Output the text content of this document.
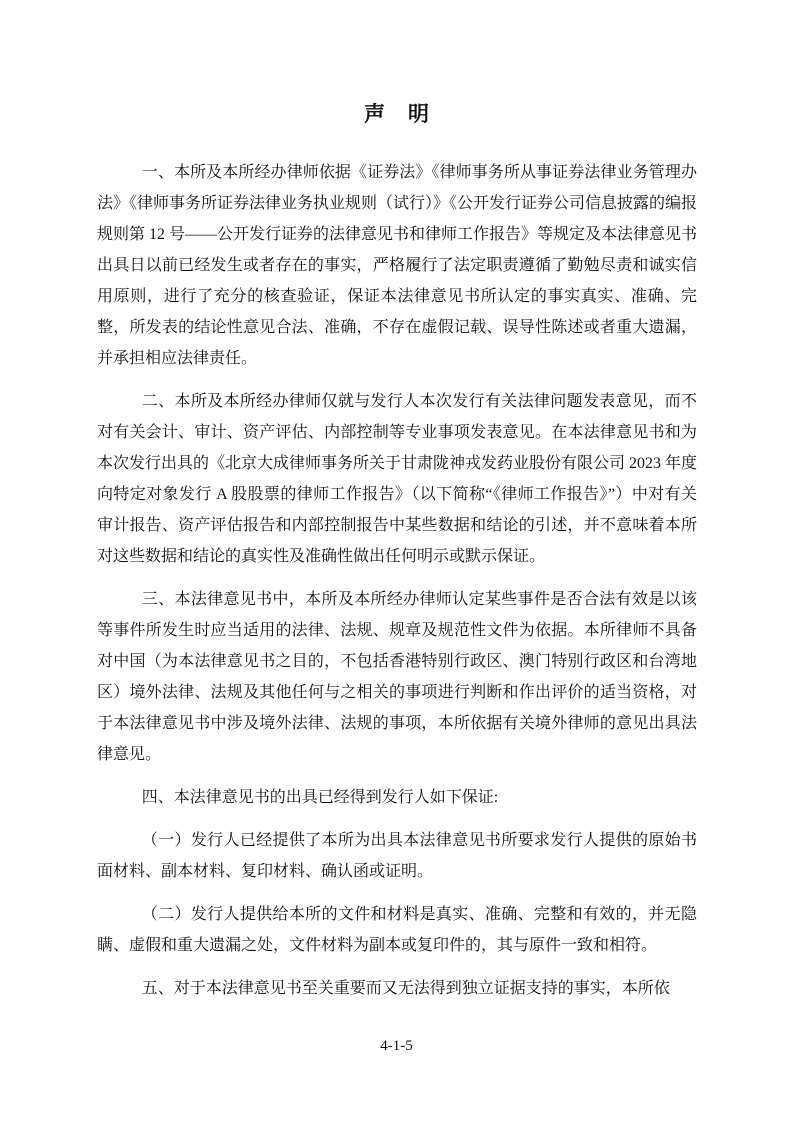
声　明

一、本所及本所经办律师依据《证券法》《律师事务所从事证券法律业务管理办法》《律师事务所证券法律业务执业规则（试行）》《公开发行证券公司信息披露的编报规则第 12 号——公开发行证券的法律意见书和律师工作报告》等规定及本法律意见书出具日以前已经发生或者存在的事实，严格履行了法定职责遵循了勤勉尽责和诚实信用原则，进行了充分的核查验证，保证本法律意见书所认定的事实真实、准确、完整，所发表的结论性意见合法、准确，不存在虚假记载、误导性陈述或者重大遗漏，并承担相应法律责任。

二、本所及本所经办律师仅就与发行人本次发行有关法律问题发表意见，而不对有关会计、审计、资产评估、内部控制等专业事项发表意见。在本法律意见书和为本次发行出具的《北京大成律师事务所关于甘肃陇神戎发药业股份有限公司 2023 年度向特定对象发行 A 股股票的律师工作报告》（以下简称“《律师工作报告》”）中对有关审计报告、资产评估报告和内部控制报告中某些数据和结论的引述，并不意味着本所对这些数据和结论的真实性及准确性做出任何明示或默示保证。

三、本法律意见书中，本所及本所经办律师认定某些事件是否合法有效是以该等事件所发生时应当适用的法律、法规、规章及规范性文件为依据。本所律师不具备对中国（为本法律意见书之目的，不包括香港特别行政区、澳门特别行政区和台湾地区）境外法律、法规及其他任何与之相关的事项进行判断和作出评价的适当资格，对于本法律意见书中涉及境外法律、法规的事项，本所依据有关境外律师的意见出具法律意见。

四、本法律意见书的出具已经得到发行人如下保证:

（一）发行人已经提供了本所为出具本法律意见书所要求发行人提供的原始书面材料、副本材料、复印材料、确认函或证明。

（二）发行人提供给本所的文件和材料是真实、准确、完整和有效的，并无隐瞒、虚假和重大遗漏之处，文件材料为副本或复印件的，其与原件一致和相符。

五、对于本法律意见书至关重要而又无法得到独立证据支持的事实，本所依

4-1-5
